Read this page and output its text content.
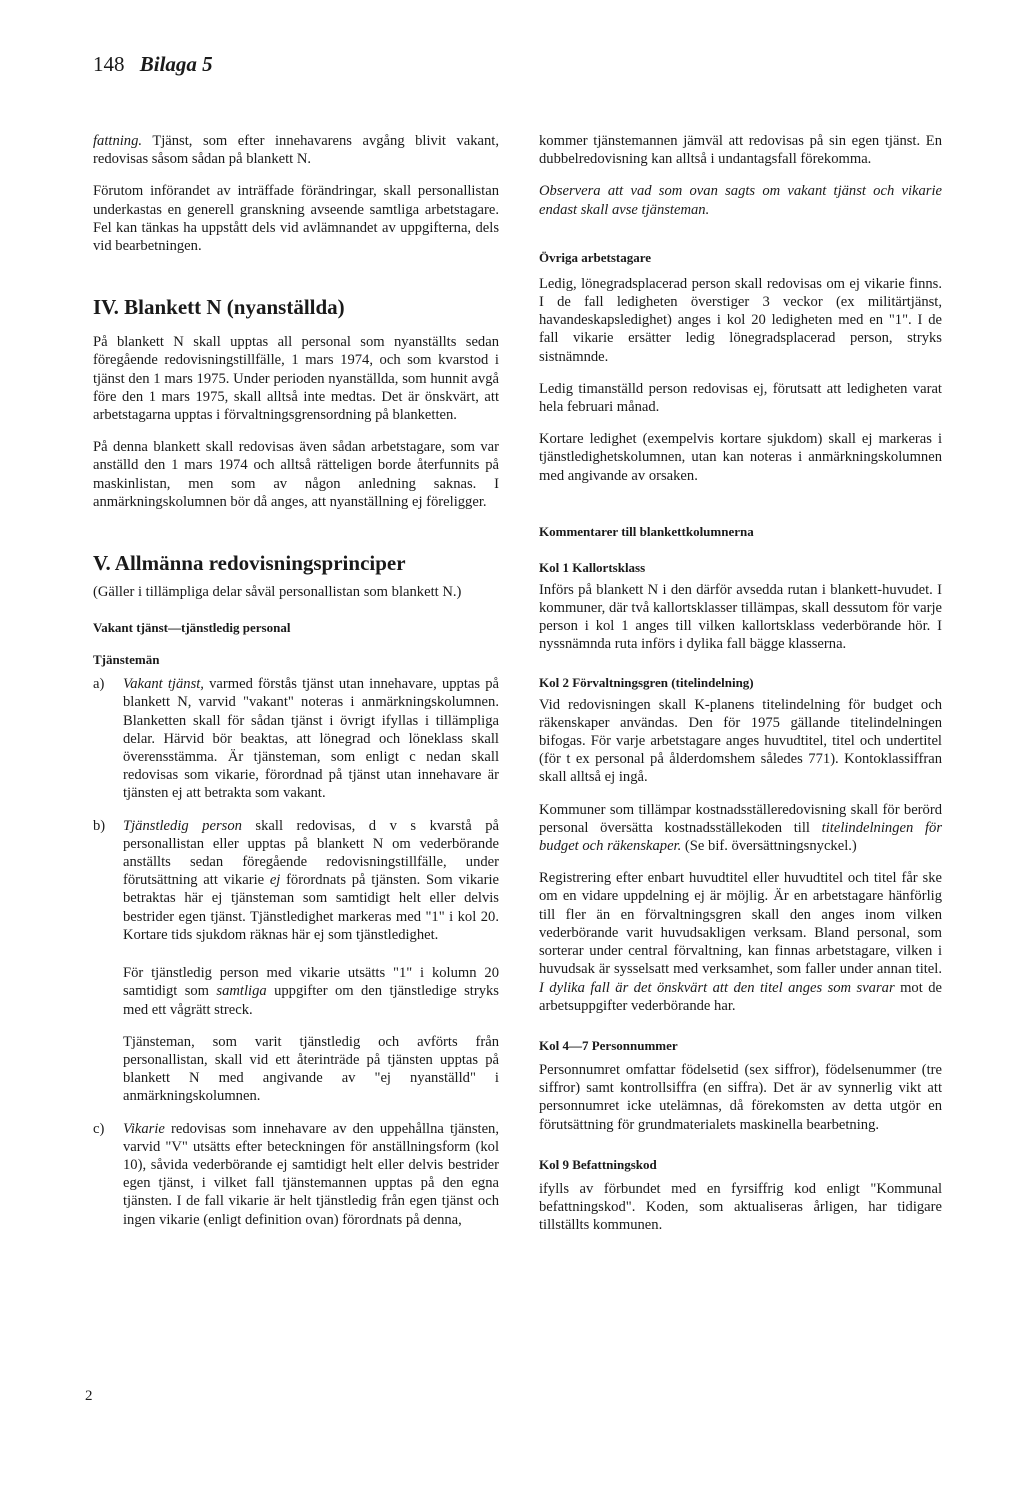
148 Bilaga 5

fattning. Tjänst, som efter innehavarens avgång blivit vakant, redovisas såsom sådan på blankett N.

Förutom införandet av inträffade förändringar, skall personallistan underkastas en generell granskning avseende samtliga arbetstagare. Fel kan tänkas ha uppstått dels vid avlämnandet av uppgifterna, dels vid bearbetningen.

IV. Blankett N (nyanställda)

På blankett N skall upptas all personal som nyanställts sedan föregående redovisningstillfälle, 1 mars 1974, och som kvarstod i tjänst den 1 mars 1975. Under perioden nyanställda, som hunnit avgå före den 1 mars 1975, skall alltså inte medtas. Det är önskvärt, att arbetstagarna upptas i förvaltningsgrensordning på blanketten.

På denna blankett skall redovisas även sådan arbetstagare, som var anställd den 1 mars 1974 och alltså rätteligen borde återfunnits på maskinlistan, men som av någon anledning saknas. I anmärkningskolumnen bör då anges, att nyanställning ej föreligger.

V. Allmänna redovisningsprinciper

(Gäller i tillämpliga delar såväl personallistan som blankett N.)

Vakant tjänst—tjänstledig personal
Tjänstemän
a)	Vakant tjänst, varmed förstås tjänst utan innehavare, upptas på blankett N, varvid "vakant" noteras i anmärkningskolumnen. Blanketten skall för sådan tjänst i övrigt ifyllas i tillämpliga delar. Härvid bör beaktas, att lönegrad och löneklass skall överensstämma. Är tjänsteman, som enligt c nedan skall redovisas som vikarie, förordnad på tjänst utan innehavare är tjänsten ej att betrakta som vakant.
b)	Tjänstledig person skall redovisas, d v s kvarstå på personallistan eller upptas på blankett N om vederbörande anställts sedan föregående redovisningstillfälle, under förutsättning att vikarie ej förordnats på tjänsten. Som vikarie betraktas här ej tjänsteman som samtidigt helt eller delvis bestrider egen tjänst. Tjänstledighet markeras med "1" i kol 20. Kortare tids sjukdom räknas här ej som tjänstledighet.

För tjänstledig person med vikarie utsätts "1" i kolumn 20 samtidigt som samtliga uppgifter om den tjänstledige stryks med ett vågrätt streck.

Tjänsteman, som varit tjänstledig och avförts från personallistan, skall vid ett återinträde på tjänsten upptas på blankett N med angivande av "ej nyanställd" i anmärkningskolumnen.

c)	Vikarie redovisas som innehavare av den uppehållna tjänsten, varvid "V" utsätts efter beteckningen för anställningsform (kol 10), såvida vederbörande ej samtidigt helt eller delvis bestrider egen tjänst, i vilket fall tjänstemannen upptas på den egna tjänsten. I de fall vikarie är helt tjänstledig från egen tjänst och ingen vikarie (enligt definition ovan) förordnats på denna,

kommer tjänstemannen jämväl att redovisas på sin egen tjänst. En dubbelredovisning kan alltså i undantagsfall förekomma.

Observera att vad som ovan sagts om vakant tjänst och vikarie endast skall avse tjänsteman.

Övriga arbetstagare

Ledig, lönegradsplacerad person skall redovisas om ej vikarie finns. I de fall ledigheten överstiger 3 veckor (ex militärtjänst, havandeskapsledighet) anges i kol 20 ledigheten med en "1". I de fall vikarie ersätter ledig lönegradsplacerad person, stryks sistnämnde.

Ledig timanställd person redovisas ej, förutsatt att ledigheten varat hela februari månad.

Kortare ledighet (exempelvis kortare sjukdom) skall ej markeras i tjänstledighetskolumnen, utan kan noteras i anmärkningskolumnen med angivande av orsaken.

Kommentarer till blankettkolumnerna
Kol 1 Kallortsklass

Införs på blankett N i den därför avsedda rutan i blankett-huvudet. I kommuner, där två kallortsklasser tillämpas, skall dessutom för varje person i kol 1 anges till vilken kallortsklass vederbörande hör. I nyssnämnda ruta införs i dylika fall bägge klasserna.

Kol 2 Förvaltningsgren (titelindelning)

Vid redovisningen skall K-planens titelindelning för budget och räkenskaper användas. Den för 1975 gällande titelindelningen bifogas. För varje arbetstagare anges huvudtitel, titel och undertitel (för t ex personal på ålderdomshem således 771). Kontoklassiffran skall alltså ej ingå.

Kommuner som tillämpar kostnadsställeredovisning skall för berörd personal översätta kostnadsställekoden till titelindelningen för budget och räkenskaper. (Se bif. översättningsnyckel.)

Registrering efter enbart huvudtitel eller huvudtitel och titel får ske om en vidare uppdelning ej är möjlig. Är en arbetstagare hänförlig till fler än en förvaltningsgren skall den anges inom vilken vederbörande varit huvudsakligen verksam. Bland personal, som sorterar under central förvaltning, kan finnas arbetstagare, vilken i huvudsak är sysselsatt med verksamhet, som faller under annan titel. I dylika fall är det önskvärt att den titel anges som svarar mot de arbetsuppgifter vederbörande har.

Kol 4—7 Personnummer

Personnumret omfattar födelsetid (sex siffror), födelsenummer (tre siffror) samt kontrollsiffra (en siffra). Det är av synnerlig vikt att personnumret icke utelämnas, då förekomsten av detta utgör en förutsättning för grundmaterialets maskinella bearbetning.

Kol 9 Befattningskod

ifylls av förbundet med en fyrsiffrig kod enligt "Kommunal befattningskod". Koden, som aktualiseras årligen, har tidigare tillställts kommunen.

2
